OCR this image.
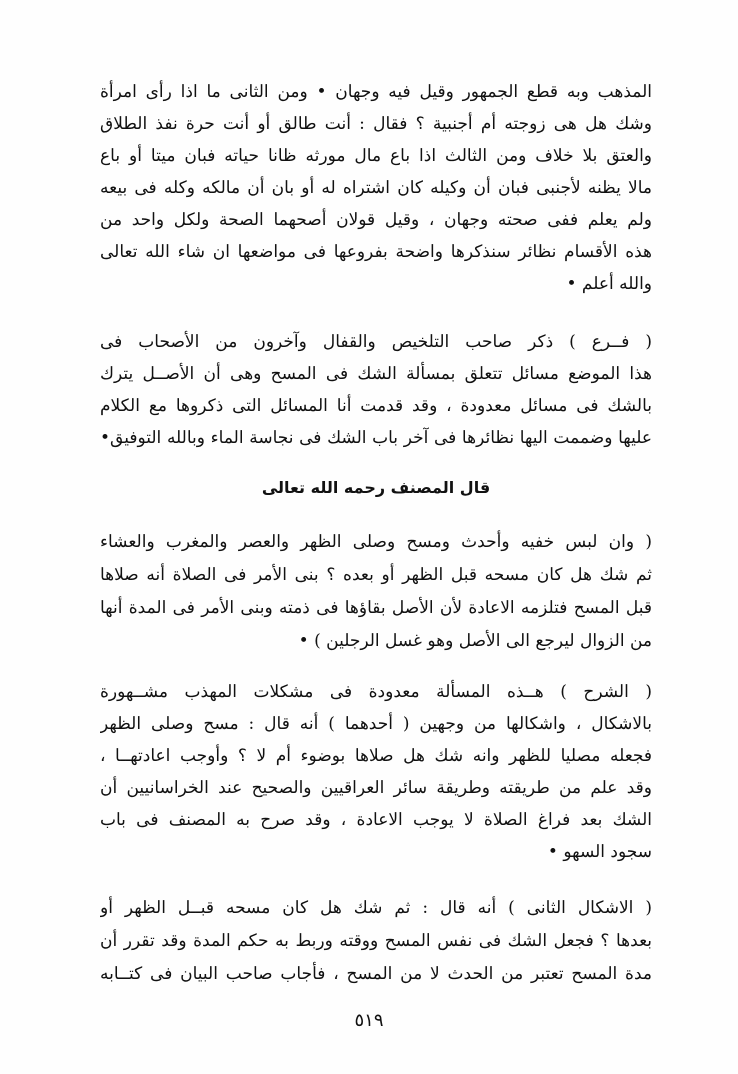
المذهب وبه قطع الجمهور وقيل فيه وجهان • ومن الثانى ما اذا رأى امرأة
وشك هل هى زوجته أم أجنبية ؟ فقال : أنت طالق أو أنت حرة نفذ الطلاق
والعتق بلا خلاف ومن الثالث اذا باع مال مورثه ظانا حياته فبان ميتا أو باع
مالا يظنه لأجنبى فبان أن وكيله كان اشتراه له أو بان أن مالكه وكله فى بيعه
ولم يعلم ففى صحته وجهان ، وقيل قولان أصحهما الصحة ولكل واحد من
هذه الأقسام نظائر سنذكرها واضحة بفروعها فى مواضعها ان شاء الله تعالى
والله أعلم •
( فــرع ) ذكر صاحب التلخيص والقفال وآخرون من الأصحاب فى
هذا الموضع مسائل تتعلق بمسألة الشك فى المسح وهى أن الأصــل يترك
بالشك فى مسائل معدودة ، وقد قدمت أنا المسائل التى ذكروها مع الكلام
عليها وضممت اليها نظائرها فى آخر باب الشك فى نجاسة الماء وبالله التوفيق•
قال المصنف رحمه الله تعالى
( وان لبس خفيه وأحدث ومسح وصلى الظهر والعصر والمغرب والعشاء
ثم شك هل كان مسحه قبل الظهر أو بعده ؟ بنى الأمر فى الصلاة أنه صلاها
قبل المسح فتلزمه الاعادة لأن الأصل بقاؤها فى ذمته وبنى الأمر فى المدة أنها
من الزوال ليرجع الى الأصل وهو غسل الرجلين ) •
( الشرح ) هــذه المسألة معدودة فى مشكلات المهذب مشــهورة
بالاشكال ، واشكالها من وجهين ( أحدهما ) أنه قال : مسح وصلى الظهر
فجعله مصليا للظهر وانه شك هل صلاها بوضوء أم لا ؟ وأوجب اعادتهــا ،
وقد علم من طريقته وطريقة سائر العراقيين والصحيح عند الخراسانيين أن
الشك بعد فراغ الصلاة لا يوجب الاعادة ، وقد صرح به المصنف فى باب
سجود السهو •
( الاشكال الثانى ) أنه قال : ثم شك هل كان مسحه قبــل الظهر أو
بعدها ؟ فجعل الشك فى نفس المسح ووقته وربط به حكم المدة وقد تقرر أن
مدة المسح تعتبر من الحدث لا من المسح ، فأجاب صاحب البيان فى كتــابه
٥١٩
